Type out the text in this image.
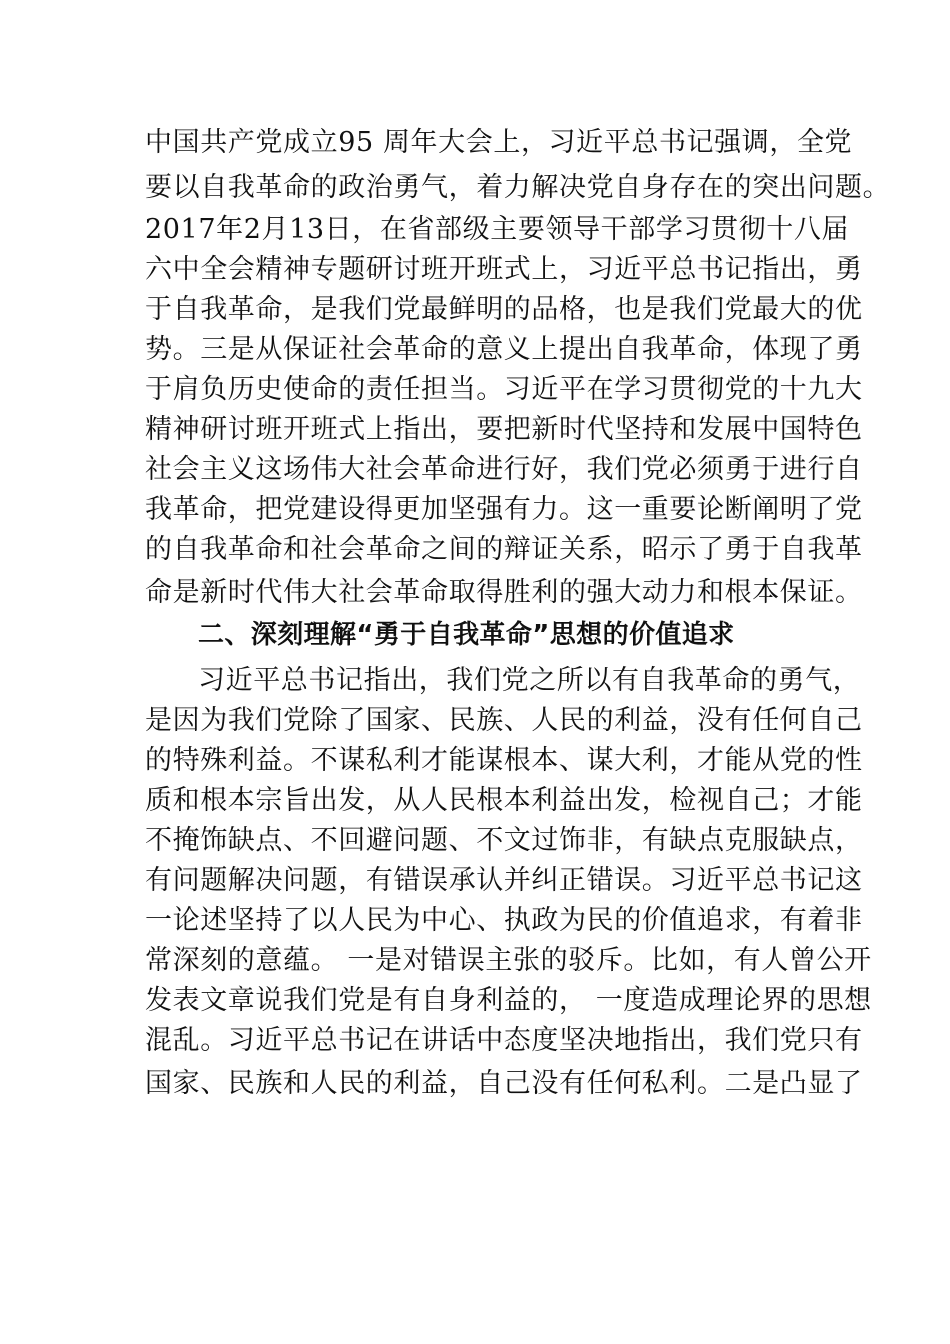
中国共产党成立95 周年大会上，习近平总书记强调，全党
要以自我革命的政治勇气，着力解决党自身存在的突出问题。
2017年2月13日，在省部级主要领导干部学习贯彻十八届
六中全会精神专题研讨班开班式上，习近平总书记指出，勇
于自我革命，是我们党最鲜明的品格，也是我们党最大的优
势。三是从保证社会革命的意义上提出自我革命，体现了勇
于肩负历史使命的责任担当。习近平在学习贯彻党的十九大
精神研讨班开班式上指出，要把新时代坚持和发展中国特色
社会主义这场伟大社会革命进行好，我们党必须勇于进行自
我革命，把党建设得更加坚强有力。这一重要论断阐明了党
的自我革命和社会革命之间的辩证关系，昭示了勇于自我革
命是新时代伟大社会革命取得胜利的强大动力和根本保证。
二、深刻理解“勇于自我革命”思想的价值追求
习近平总书记指出，我们党之所以有自我革命的勇气，
是因为我们党除了国家、民族、人民的利益，没有任何自己
的特殊利益。不谋私利才能谋根本、谋大利，才能从党的性
质和根本宗旨出发，从人民根本利益出发，检视自己；才能
不掩饰缺点、不回避问题、不文过饰非，有缺点克服缺点，
有问题解决问题，有错误承认并纠正错误。习近平总书记这
一论述坚持了以人民为中心、执政为民的价值追求，有着非
常深刻的意蕴。 一是对错误主张的驳斥。比如，有人曾公开
发表文章说我们党是有自身利益的， 一度造成理论界的思想
混乱。习近平总书记在讲话中态度坚决地指出，我们党只有
国家、民族和人民的利益，自己没有任何私利。二是凸显了
